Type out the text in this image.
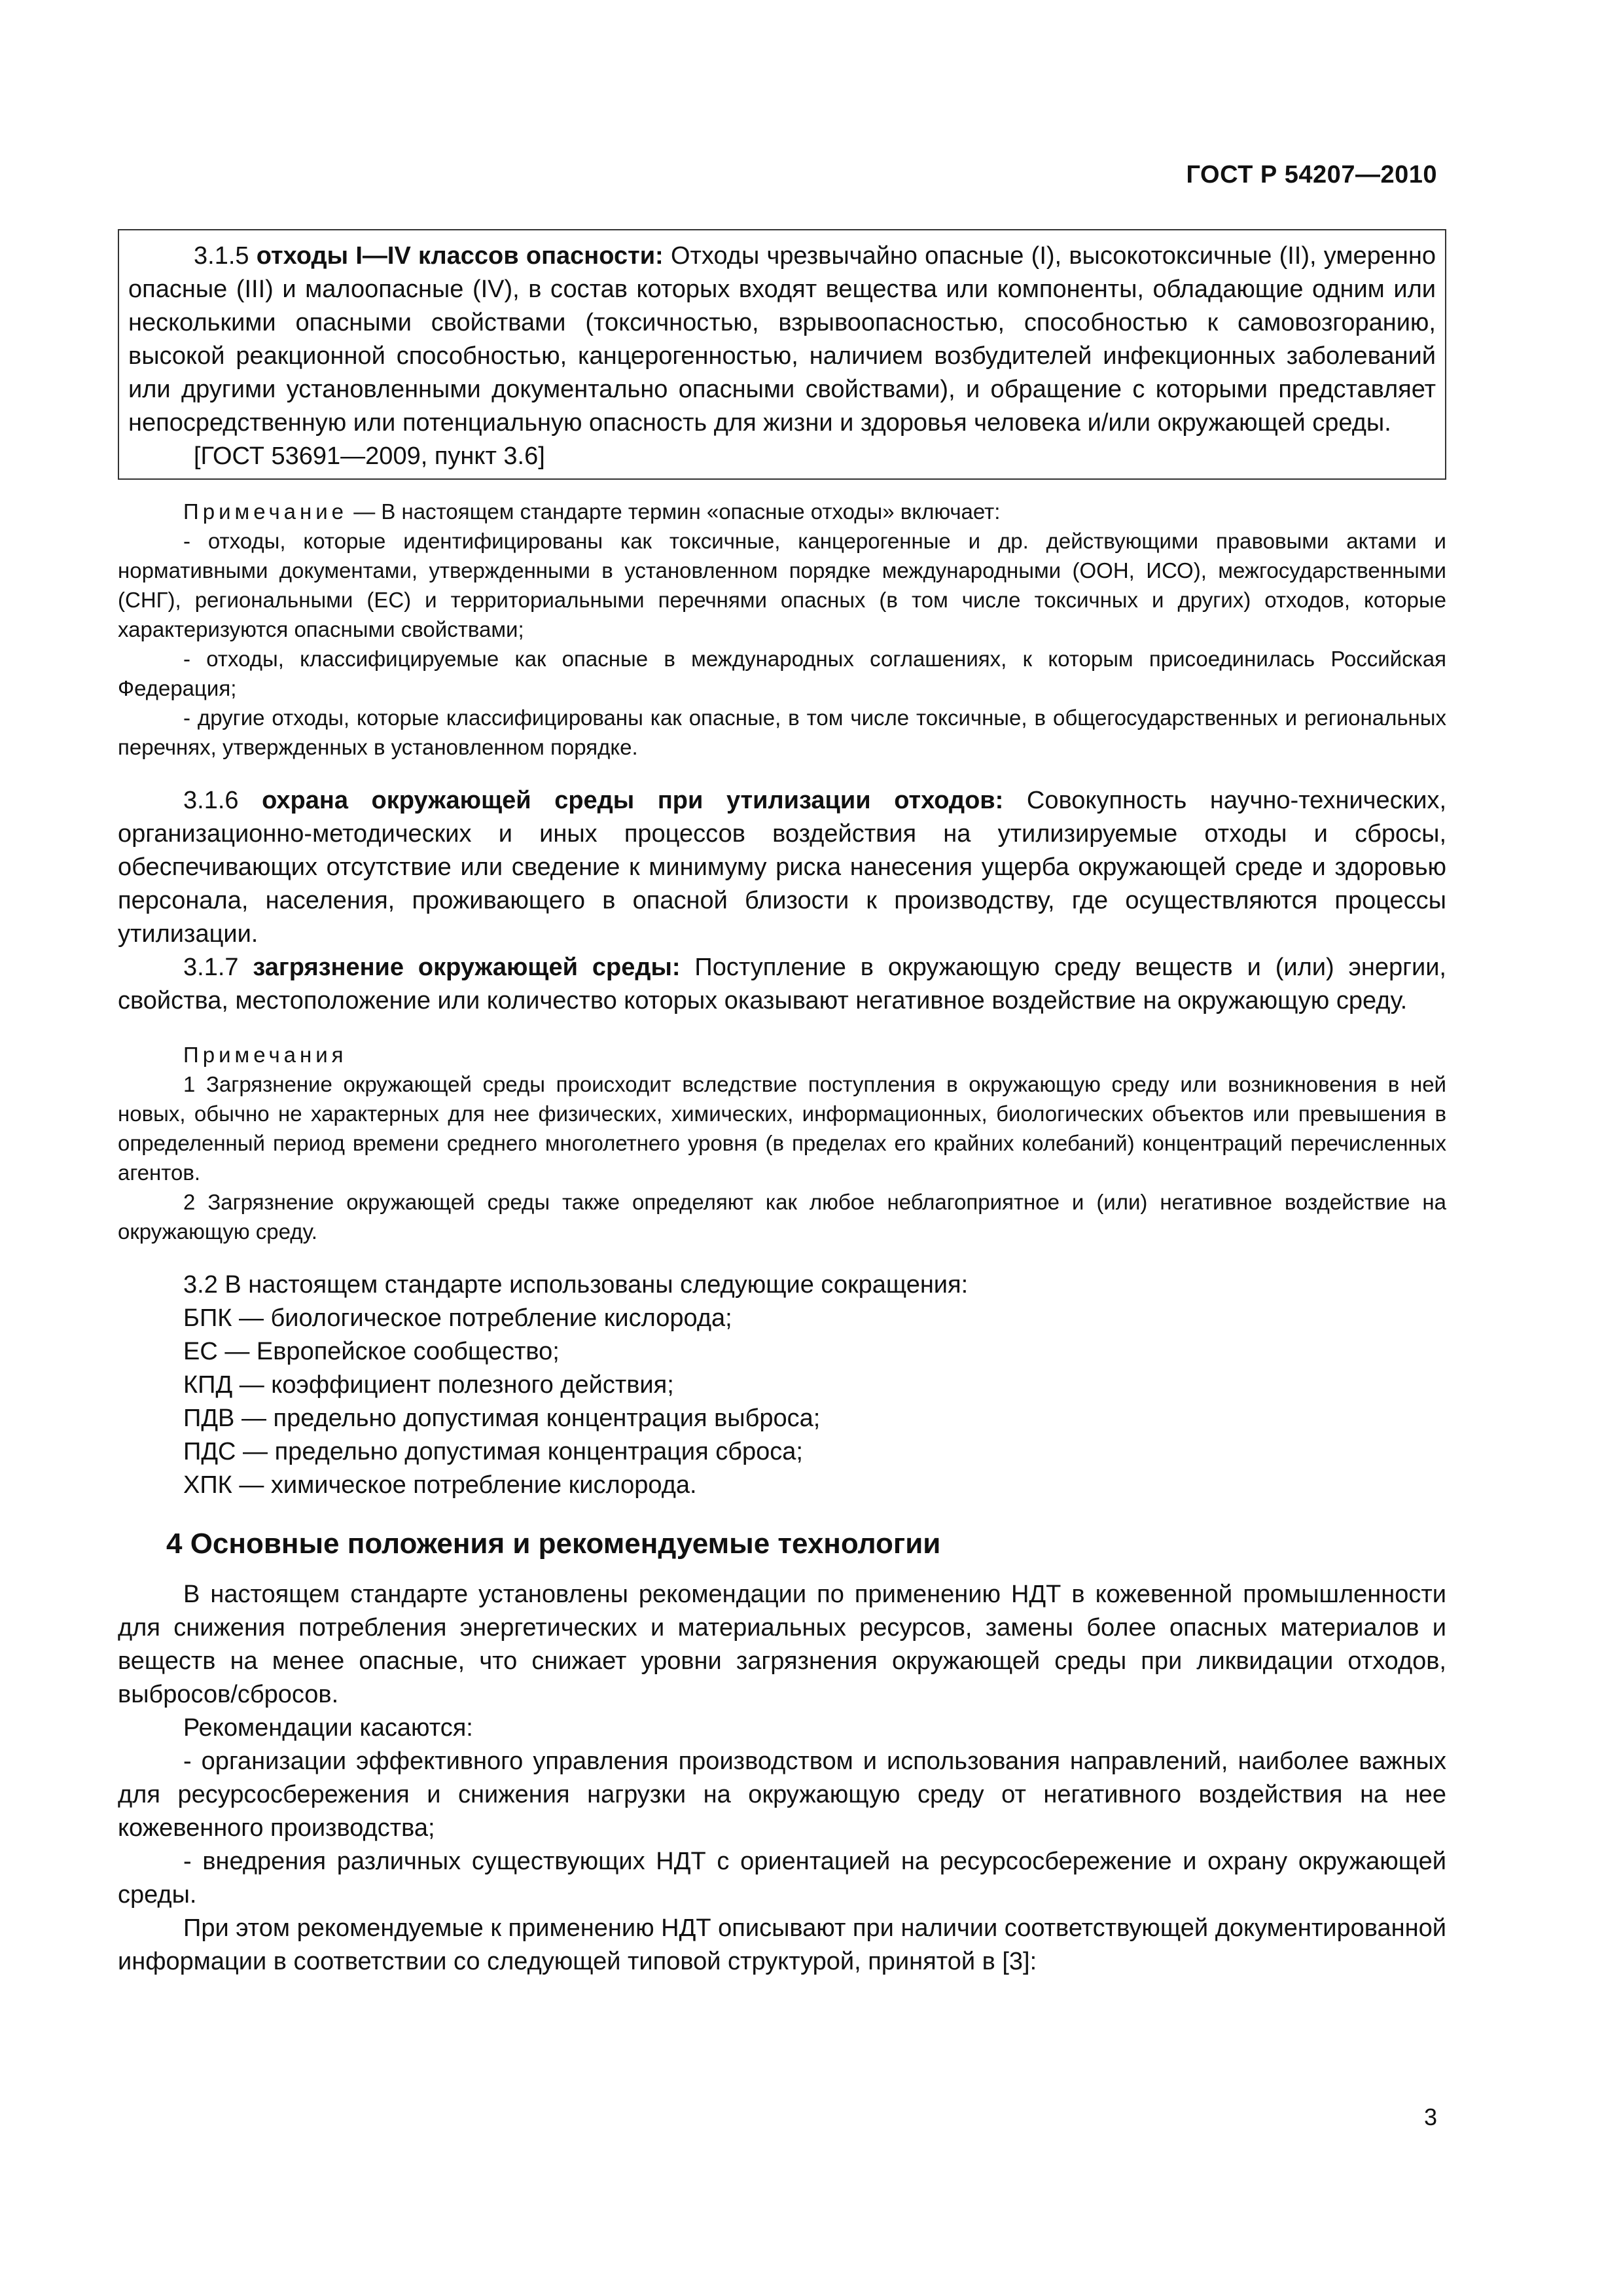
ГОСТ Р 54207—2010

3.1.5 отходы I—IV классов опасности: Отходы чрезвычайно опасные (I), высокотоксичные (II), умеренно опасные (III) и малоопасные (IV), в состав которых входят вещества или компоненты, обладающие одним или несколькими опасными свойствами (токсичностью, взрывоопасностью, способностью к самовозгоранию, высокой реакционной способностью, канцерогенностью, наличием возбудителей инфекционных заболеваний или другими установленными документально опасными свойствами), и обращение с которыми представляет непосредственную или потенциальную опасность для жизни и здоровья человека и/или окружающей среды.

[ГОСТ 53691—2009, пункт 3.6]

Примечание — В настоящем стандарте термин «опасные отходы» включает:

- отходы, которые идентифицированы как токсичные, канцерогенные и др. действующими правовыми актами и нормативными документами, утвержденными в установленном порядке международными (ООН, ИСО), межгосударственными (СНГ), региональными (ЕС) и территориальными перечнями опасных (в том числе токсичных и других) отходов, которые характеризуются опасными свойствами;

- отходы, классифицируемые как опасные в международных соглашениях, к которым присоединилась Российская Федерация;

- другие отходы, которые классифицированы как опасные, в том числе токсичные, в общегосударственных и региональных перечнях, утвержденных в установленном порядке.

3.1.6 охрана окружающей среды при утилизации отходов: Совокупность научно-технических, организационно-методических и иных процессов воздействия на утилизируемые отходы и сбросы, обеспечивающих отсутствие или сведение к минимуму риска нанесения ущерба окружающей среде и здоровью персонала, населения, проживающего в опасной близости к производству, где осуществляются процессы утилизации.

3.1.7 загрязнение окружающей среды: Поступление в окружающую среду веществ и (или) энергии, свойства, местоположение или количество которых оказывают негативное воздействие на окружающую среду.

Примечания

1 Загрязнение окружающей среды происходит вследствие поступления в окружающую среду или возникновения в ней новых, обычно не характерных для нее физических, химических, информационных, биологических объектов или превышения в определенный период времени среднего многолетнего уровня (в пределах его крайних колебаний) концентраций перечисленных агентов.

2 Загрязнение окружающей среды также определяют как любое неблагоприятное и (или) негативное воздействие на окружающую среду.

3.2 В настоящем стандарте использованы следующие сокращения:

БПК — биологическое потребление кислорода;

ЕС — Европейское сообщество;

КПД — коэффициент полезного действия;

ПДВ — предельно допустимая концентрация выброса;

ПДС — предельно допустимая концентрация сброса;

ХПК — химическое потребление кислорода.

4 Основные положения и рекомендуемые технологии

В настоящем стандарте установлены рекомендации по применению НДТ в кожевенной промышленности для снижения потребления энергетических и материальных ресурсов, замены более опасных материалов и веществ на менее опасные, что снижает уровни загрязнения окружающей среды при ликвидации отходов, выбросов/сбросов.

Рекомендации касаются:

- организации эффективного управления производством и использования направлений, наиболее важных для ресурсосбережения и снижения нагрузки на окружающую среду от негативного воздействия на нее кожевенного производства;

- внедрения различных существующих НДТ с ориентацией на ресурсосбережение и охрану окружающей среды.

При этом рекомендуемые к применению НДТ описывают при наличии соответствующей документированной информации в соответствии со следующей типовой структурой, принятой в [3]:

3
